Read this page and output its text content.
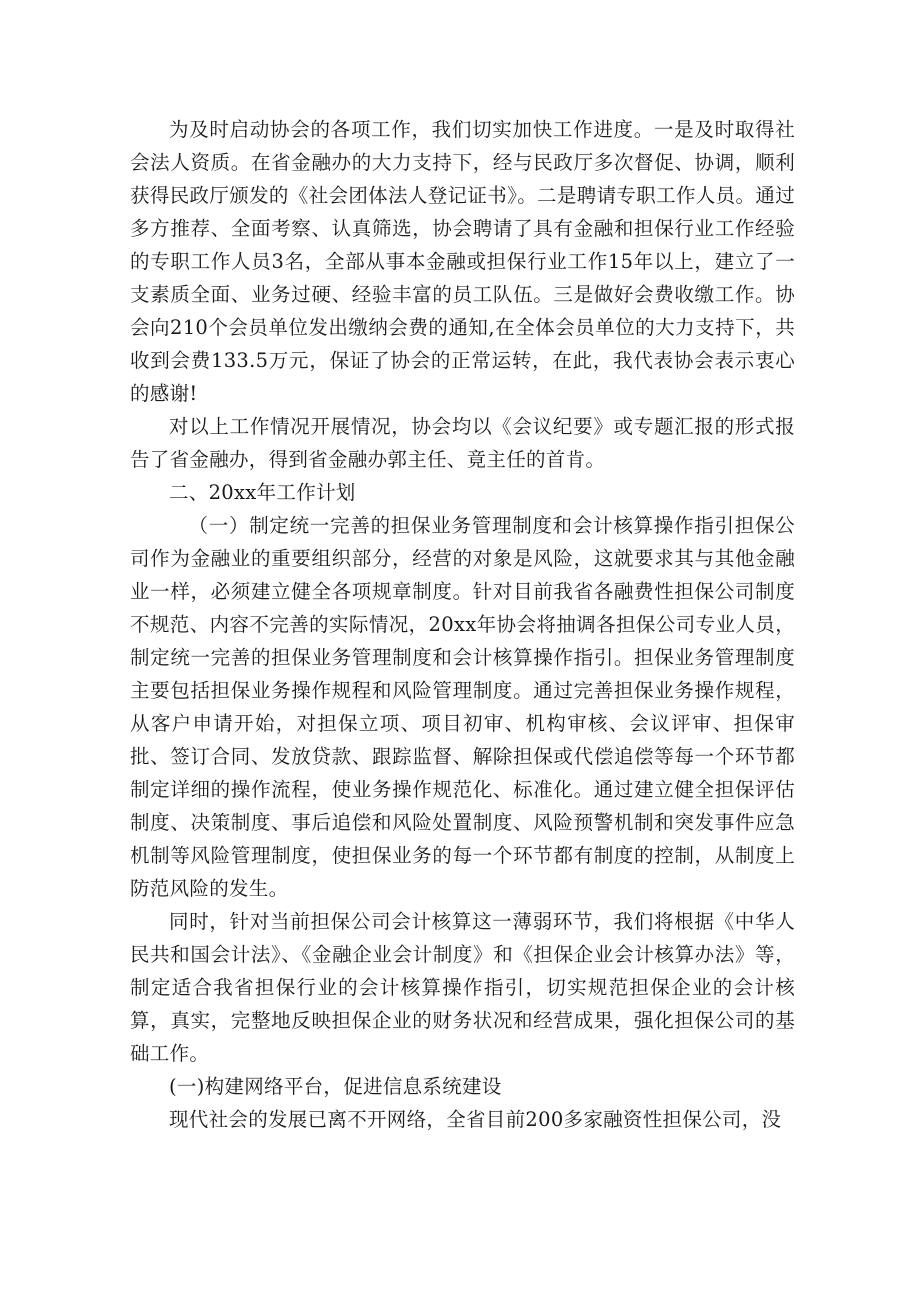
为及时启动协会的各项工作，我们切实加快工作进度。一是及时取得社会法人资质。在省金融办的大力支持下，经与民政厅多次督促、协调，顺利获得民政厅颁发的《社会团体法人登记证书》。二是聘请专职工作人员。通过多方推荐、全面考察、认真筛选，协会聘请了具有金融和担保行业工作经验的专职工作人员3名，全部从事本金融或担保行业工作15年以上，建立了一支素质全面、业务过硬、经验丰富的员工队伍。三是做好会费收缴工作。协会向210个会员单位发出缴纳会费的通知,在全体会员单位的大力支持下，共收到会费133.5万元，保证了协会的正常运转，在此，我代表协会表示衷心的感谢!

对以上工作情况开展情况，协会均以《会议纪要》或专题汇报的形式报告了省金融办，得到省金融办郭主任、竟主任的首肯。

二、20xx年工作计划

（一）制定统一完善的担保业务管理制度和会计核算操作指引担保公司作为金融业的重要组织部分，经营的对象是风险，这就要求其与其他金融业一样，必须建立健全各项规章制度。针对目前我省各融费性担保公司制度不规范、内容不完善的实际情况，20xx年协会将抽调各担保公司专业人员，制定统一完善的担保业务管理制度和会计核算操作指引。担保业务管理制度主要包括担保业务操作规程和风险管理制度。通过完善担保业务操作规程，从客户申请开始，对担保立项、项目初审、机构审核、会议评审、担保审批、签订合同、发放贷款、跟踪监督、解除担保或代偿追偿等每一个环节都制定详细的操作流程，使业务操作规范化、标准化。通过建立健全担保评估制度、决策制度、事后追偿和风险处置制度、风险预警机制和突发事件应急机制等风险管理制度，使担保业务的每一个环节都有制度的控制，从制度上防范风险的发生。

同时，针对当前担保公司会计核算这一薄弱环节，我们将根据《中华人民共和国会计法》、《金融企业会计制度》和《担保企业会计核算办法》等，制定适合我省担保行业的会计核算操作指引，切实规范担保企业的会计核算，真实，完整地反映担保企业的财务状况和经营成果，强化担保公司的基础工作。

(一)构建网络平台，促进信息系统建设

现代社会的发展已离不开网络，全省目前200多家融资性担保公司，没
